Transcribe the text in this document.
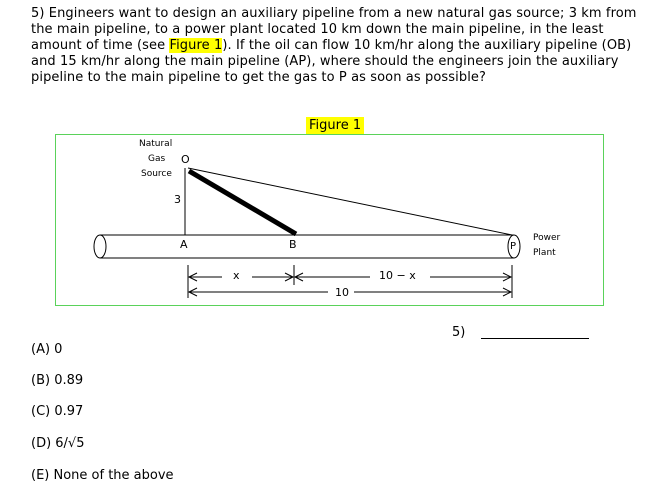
5) Engineers want to design an auxiliary pipeline from a new natural gas source; 3 km from the main pipeline, to a power plant located 10 km down the main pipeline, in the least amount of time (see Figure 1). If the oil can flow 10 km/hr along the auxiliary pipeline (OB) and 15 km/hr along the main pipeline (AP), where should the engineers join the auxiliary pipeline to the main pipeline to get the gas to P as soon as possible?

Figure 1
Natural
Gas
Source
O
3
A	B	P
Power
Plant
x	10 − x
10
5)
(A) 0
(B) 0.89
(C) 0.97
(D) 6/√5
(E) None of the above
